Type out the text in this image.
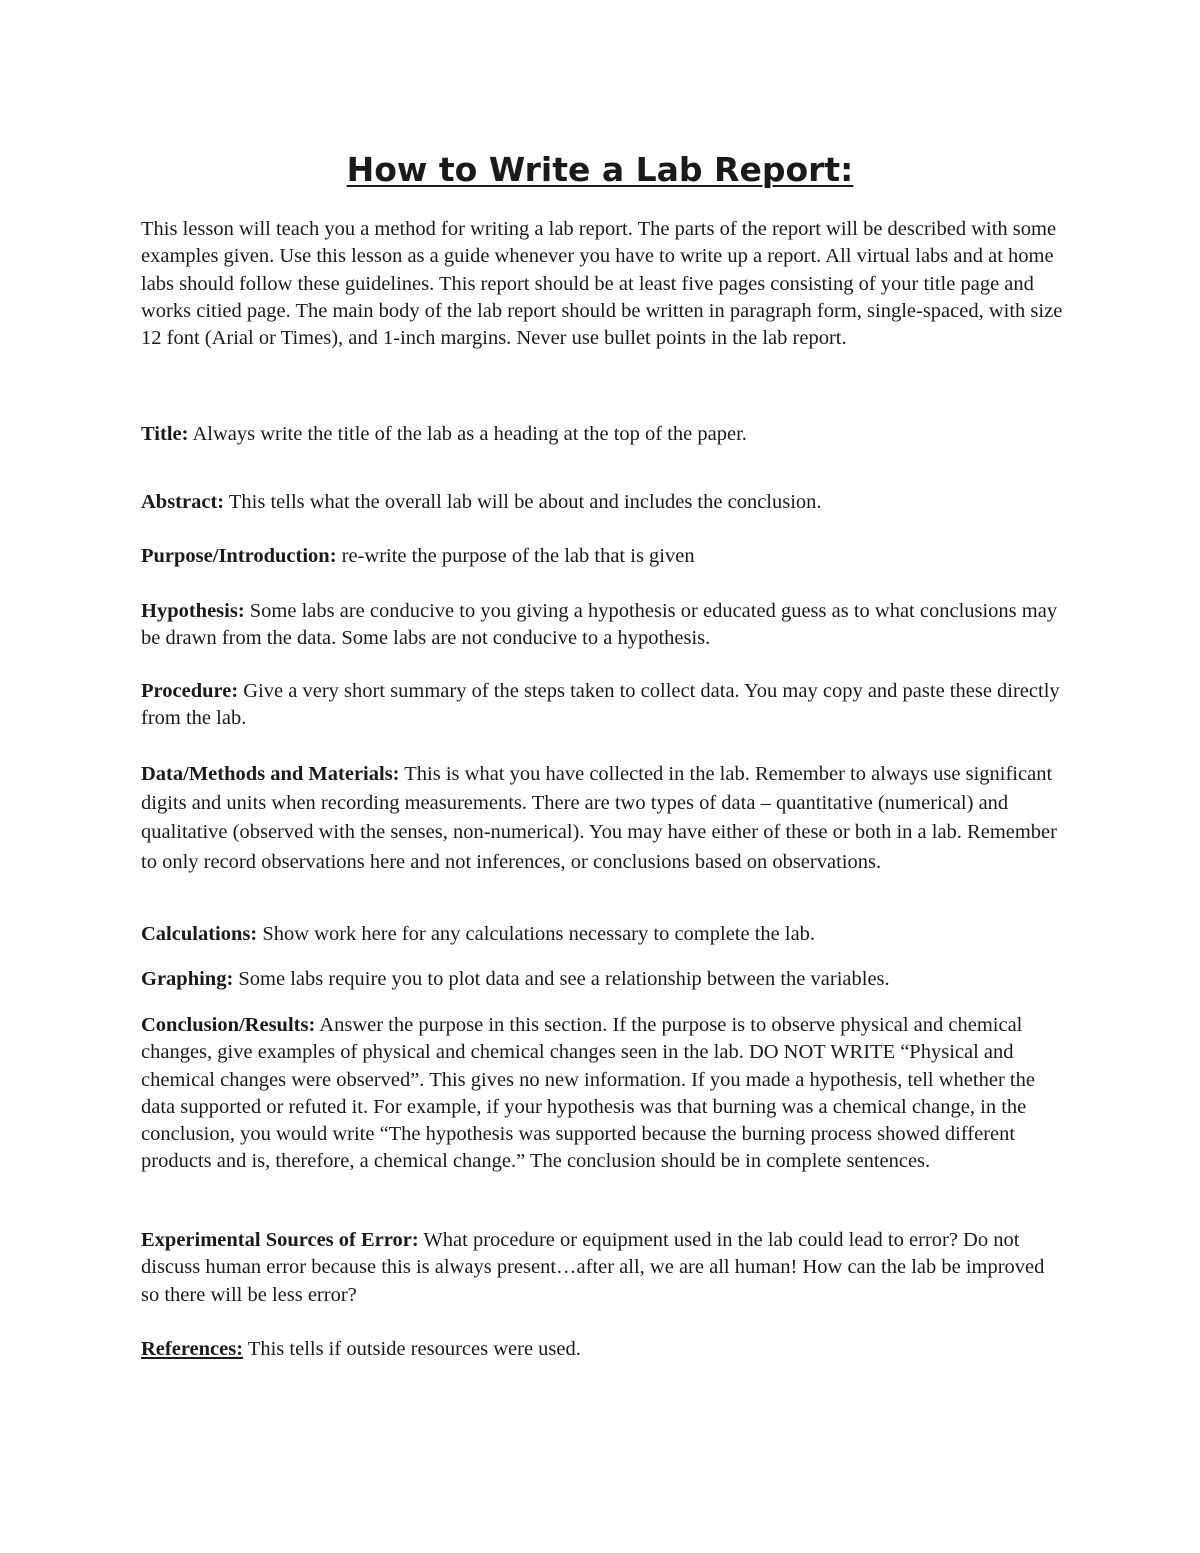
How to Write a Lab Report:

This lesson will teach you a method for writing a lab report. The parts of the report will be described with some examples given. Use this lesson as a guide whenever you have to write up a report. All virtual labs and at home labs should follow these guidelines. This report should be at least five pages consisting of your title page and works citied page. The main body of the lab report should be written in paragraph form, single-spaced, with size 12 font (Arial or Times), and 1-inch margins. Never use bullet points in the lab report.

Title: Always write the title of the lab as a heading at the top of the paper.

Abstract: This tells what the overall lab will be about and includes the conclusion.

Purpose/Introduction: re-write the purpose of the lab that is given

Hypothesis: Some labs are conducive to you giving a hypothesis or educated guess as to what conclusions may be drawn from the data. Some labs are not conducive to a hypothesis.

Procedure: Give a very short summary of the steps taken to collect data. You may copy and paste these directly from the lab.

Data/Methods and Materials: This is what you have collected in the lab. Remember to always use significant digits and units when recording measurements. There are two types of data – quantitative (numerical) and qualitative (observed with the senses, non-numerical). You may have either of these or both in a lab. Remember to only record observations here and not inferences, or conclusions based on observations.

Calculations: Show work here for any calculations necessary to complete the lab.

Graphing: Some labs require you to plot data and see a relationship between the variables.

Conclusion/Results: Answer the purpose in this section. If the purpose is to observe physical and chemical changes, give examples of physical and chemical changes seen in the lab. DO NOT WRITE “Physical and chemical changes were observed”. This gives no new information. If you made a hypothesis, tell whether the data supported or refuted it. For example, if your hypothesis was that burning was a chemical change, in the conclusion, you would write “The hypothesis was supported because the burning process showed different products and is, therefore, a chemical change.” The conclusion should be in complete sentences.

Experimental Sources of Error: What procedure or equipment used in the lab could lead to error? Do not discuss human error because this is always present…after all, we are all human! How can the lab be improved so there will be less error?

References: This tells if outside resources were used.
